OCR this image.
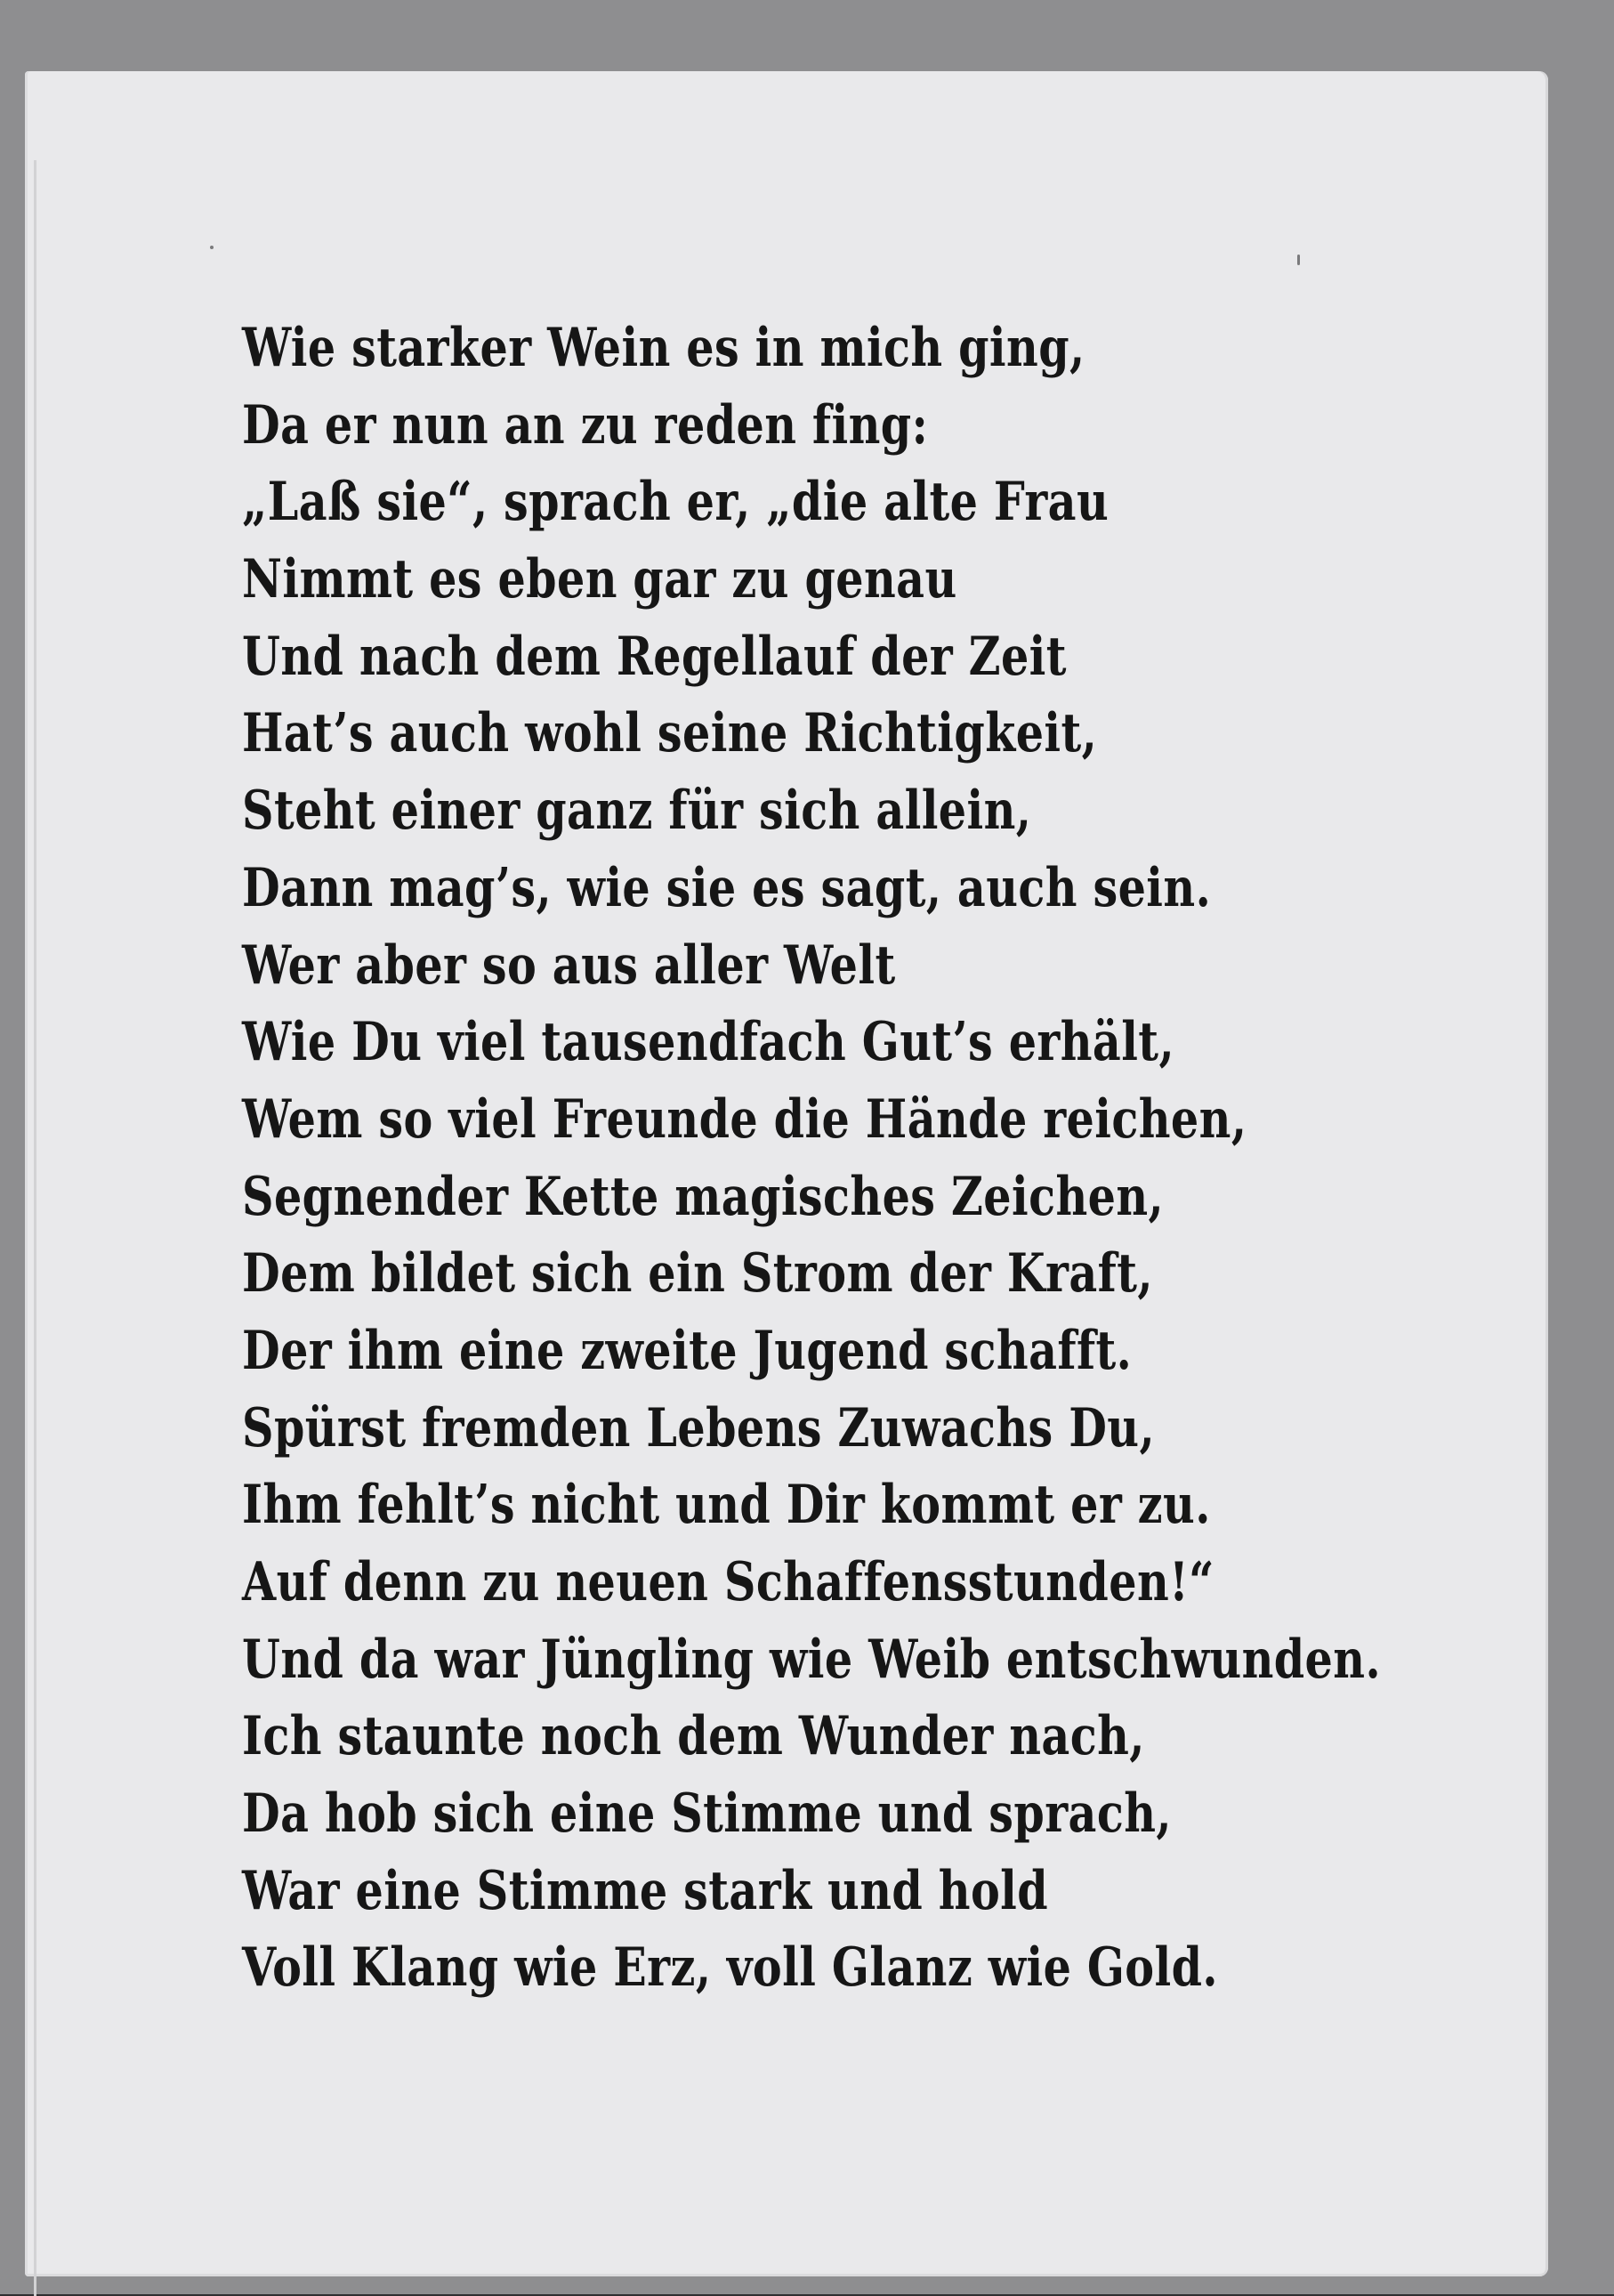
Wie starker Wein es in mich ging,
Da er nun an zu reden fing:
„Laß sie“, sprach er, „die alte Frau
Nimmt es eben gar zu genau
Und nach dem Regellauf der Zeit
Hat’s auch wohl seine Richtigkeit,
Steht einer ganz für sich allein,
Dann mag’s, wie sie es sagt, auch sein.
Wer aber so aus aller Welt
Wie Du viel tausendfach Gut’s erhält,
Wem so viel Freunde die Hände reichen,
Segnender Kette magisches Zeichen,
Dem bildet sich ein Strom der Kraft,
Der ihm eine zweite Jugend schafft.
Spürst fremden Lebens Zuwachs Du,
Ihm fehlt’s nicht und Dir kommt er zu.
Auf denn zu neuen Schaffensstunden!“
Und da war Jüngling wie Weib entschwunden.
Ich staunte noch dem Wunder nach,
Da hob sich eine Stimme und sprach,
War eine Stimme stark und hold
Voll Klang wie Erz, voll Glanz wie Gold.
